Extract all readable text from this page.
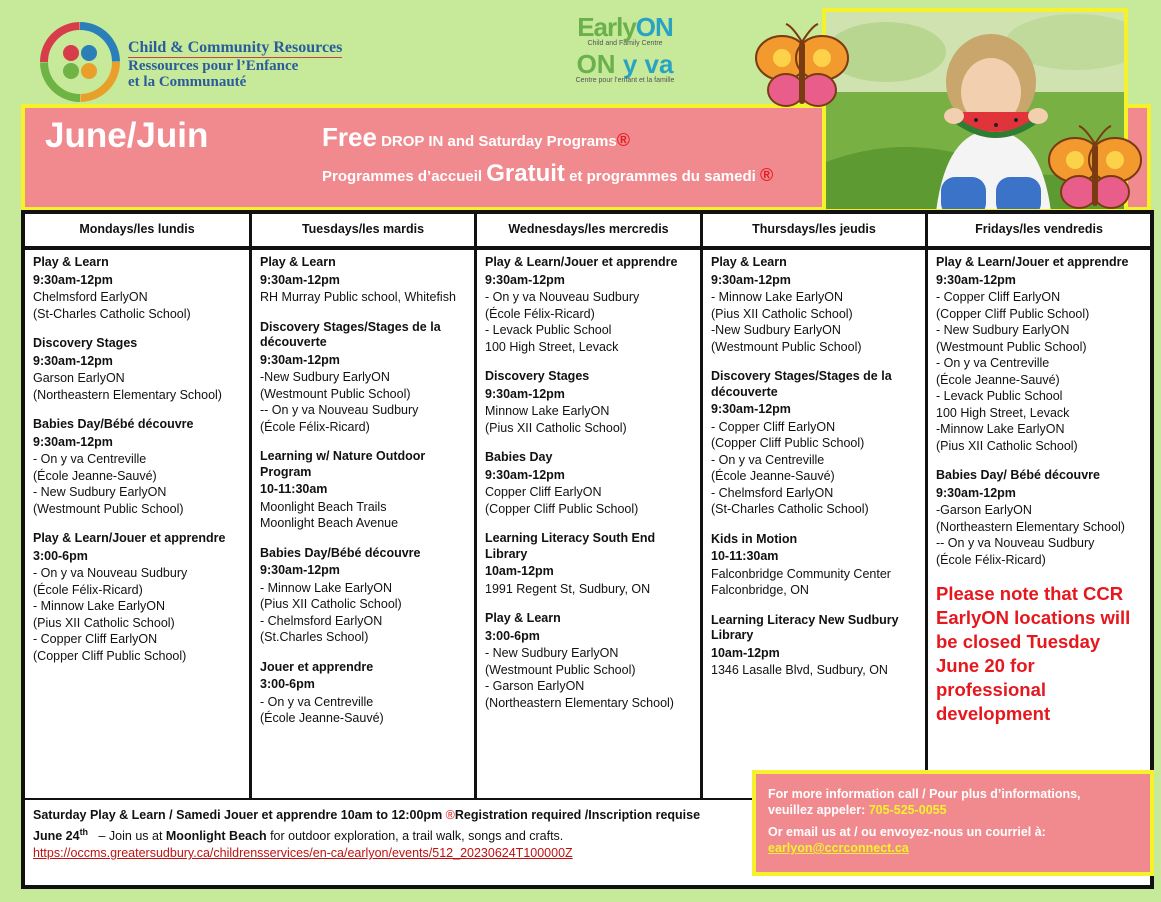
Child & Community Resources
Ressources pour l’Enfance
et la Communauté
EarlyON
Child and Family Centre
ON y va
Centre pour l’enfant et la famille
June/Juin	Free DROP IN and Saturday Programs®
Programmes d’accueil Gratuit et programmes du samedi ®
Mondays/les lundis
Play & Learn
9:30am-12pm
Chelmsford EarlyON
(St-Charles Catholic School)
Discovery Stages
9:30am-12pm
Garson EarlyON
(Northeastern Elementary School)
Babies Day/Bébé découvre
9:30am-12pm
- On y va Centreville
(École Jeanne-Sauvé)
- New Sudbury EarlyON
(Westmount Public School)
Play & Learn/Jouer et apprendre
3:00-6pm
- On y va Nouveau Sudbury
(École Félix-Ricard)
- Minnow Lake EarlyON
(Pius XII Catholic School)
- Copper Cliff EarlyON
(Copper Cliff Public School)
Tuesdays/les mardis
Play & Learn
9:30am-12pm
RH Murray Public school, Whitefish
Discovery Stages/Stages de la découverte
9:30am-12pm
-New Sudbury EarlyON
(Westmount Public School)
-- On y va Nouveau Sudbury
(École Félix-Ricard)
Learning w/ Nature Outdoor Program
10-11:30am
Moonlight Beach Trails
Moonlight Beach Avenue
Babies Day/Bébé découvre
9:30am-12pm
- Minnow Lake EarlyON
(Pius XII Catholic School)
- Chelmsford EarlyON
(St.Charles School)
Jouer et apprendre
3:00-6pm
- On y va Centreville
(École Jeanne-Sauvé)
Wednesdays/les mercredis
Play & Learn/Jouer et apprendre
9:30am-12pm
- On y va Nouveau Sudbury
(École Félix-Ricard)
- Levack Public School
100 High Street, Levack
Discovery Stages
9:30am-12pm
Minnow Lake EarlyON
(Pius XII Catholic School)
Babies Day
9:30am-12pm
Copper Cliff EarlyON
(Copper Cliff Public School)
Learning Literacy South End Library
10am-12pm
1991 Regent St, Sudbury, ON
Play & Learn
3:00-6pm
- New Sudbury EarlyON
(Westmount Public School)
- Garson EarlyON
(Northeastern Elementary School)
Thursdays/les jeudis
Play & Learn
9:30am-12pm
- Minnow Lake EarlyON
(Pius XII Catholic School)
-New Sudbury EarlyON
(Westmount Public School)
Discovery Stages/Stages de la découverte
9:30am-12pm
- Copper Cliff EarlyON
(Copper Cliff Public School)
- On y va Centreville
(École Jeanne-Sauvé)
- Chelmsford EarlyON
(St-Charles Catholic School)
Kids in Motion
10-11:30am
Falconbridge Community Center
Falconbridge, ON
Learning Literacy New Sudbury Library
10am-12pm
1346 Lasalle Blvd, Sudbury, ON
Fridays/les vendredis
Play & Learn/Jouer et apprendre
9:30am-12pm
- Copper Cliff EarlyON
(Copper Cliff Public School)
- New Sudbury EarlyON
(Westmount Public School)
- On y va Centreville
(École Jeanne-Sauvé)
- Levack Public School
100 High Street, Levack
-Minnow Lake EarlyON
(Pius XII Catholic School)
Babies Day/ Bébé découvre
9:30am-12pm
-Garson EarlyON
(Northeastern Elementary School)
-- On y va Nouveau Sudbury
(École Félix-Ricard)
Please note that CCR EarlyON locations will be closed Tuesday June 20 for professional development
Saturday Play & Learn / Samedi Jouer et apprendre 10am to 12:00pm ®Registration required /Inscription requise
June 24th – Join us at Moonlight Beach for outdoor exploration, a trail walk, songs and crafts.
https://occms.greatersudbury.ca/childrensservices/en-ca/earlyon/events/512_20230624T100000Z
For more information call / Pour plus d’informations,
veuillez appeler: 705-525-0055
Or email us at / ou envoyez-nous un courriel à:
earlyon@ccrconnect.ca
